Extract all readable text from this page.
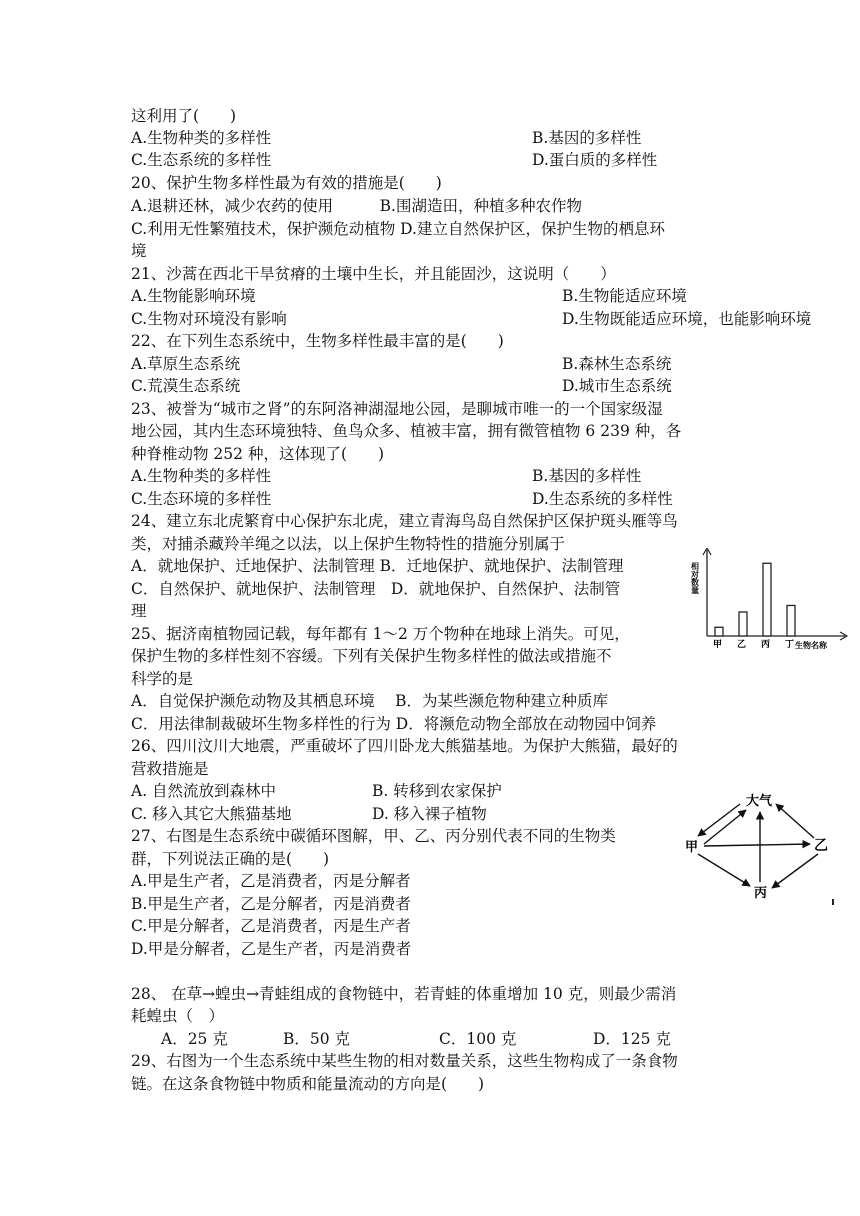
这利用了(　　)
A.生物种类的多样性	B.基因的多样性
C.生态系统的多样性	D.蛋白质的多样性
20、保护生物多样性最为有效的措施是(　　)
A.退耕还林，减少农药的使用　　　B.围湖造田，种植多种农作物
C.利用无性繁殖技术，保护濒危动植物 D.建立自然保护区，保护生物的栖息环
境
21、沙蒿在西北干旱贫瘠的土壤中生长，并且能固沙，这说明（　　）
A.生物能影响环境	B.生物能适应环境
C.生物对环境没有影响	D.生物既能适应环境，也能影响环境
22、在下列生态系统中，生物多样性最丰富的是(　　)
A.草原生态系统	B.森林生态系统
C.荒漠生态系统	D.城市生态系统
23、被誉为“城市之肾”的东阿洛神湖湿地公园，是聊城市唯一的一个国家级湿
地公园，其内生态环境独特、鱼鸟众多、植被丰富，拥有微管植物 6 239 种，各
种脊椎动物 252 种，这体现了(　　)
A.生物种类的多样性	B.基因的多样性
C.生态环境的多样性	D.生态系统的多样性
24、建立东北虎繁育中心保护东北虎，建立青海鸟岛自然保护区保护斑头雁等鸟
类，对捕杀藏羚羊绳之以法，以上保护生物特性的措施分别属于
A．就地保护、迁地保护、法制管理 B．迁地保护、就地保护、法制管理
C．自然保护、就地保护、法制管理　D．就地保护、自然保护、法制管
理
25、据济南植物园记载，每年都有 1～2 万个物种在地球上消失。可见，
保护生物的多样性刻不容缓。下列有关保护生物多样性的做法或措施不
科学的是
A．自觉保护濒危动物及其栖息环境　 B．为某些濒危物种建立种质库
C．用法律制裁破坏生物多样性的行为 D．将濒危动物全部放在动物园中饲养
26、四川汶川大地震，严重破坏了四川卧龙大熊猫基地。为保护大熊猫，最好的
营救措施是
A. 自然流放到森林中	B. 转移到农家保护
C. 移入其它大熊猫基地	D. 移入裸子植物
27、右图是生态系统中碳循环图解，甲、乙、丙分别代表不同的生物类
群，下列说法正确的是(　　)
A.甲是生产者，乙是消费者，丙是分解者
B.甲是生产者，乙是分解者，丙是消费者
C.甲是分解者，乙是消费者，丙是生产者
D.甲是分解者，乙是生产者，丙是消费者
28、 在草→蝗虫→青蛙组成的食物链中，若青蛙的体重增加 10 克，则最少需消
耗蝗虫（　）
A．25 克	B．50 克	C．100 克	D．125 克
29、右图为一个生态系统中某些生物的相对数量关系，这些生物构成了一条食物
链。在这条食物链中物质和能量流动的方向是(　　)
相对数量
生物名称
甲 乙 丙 丁
大气
甲	乙
丙
